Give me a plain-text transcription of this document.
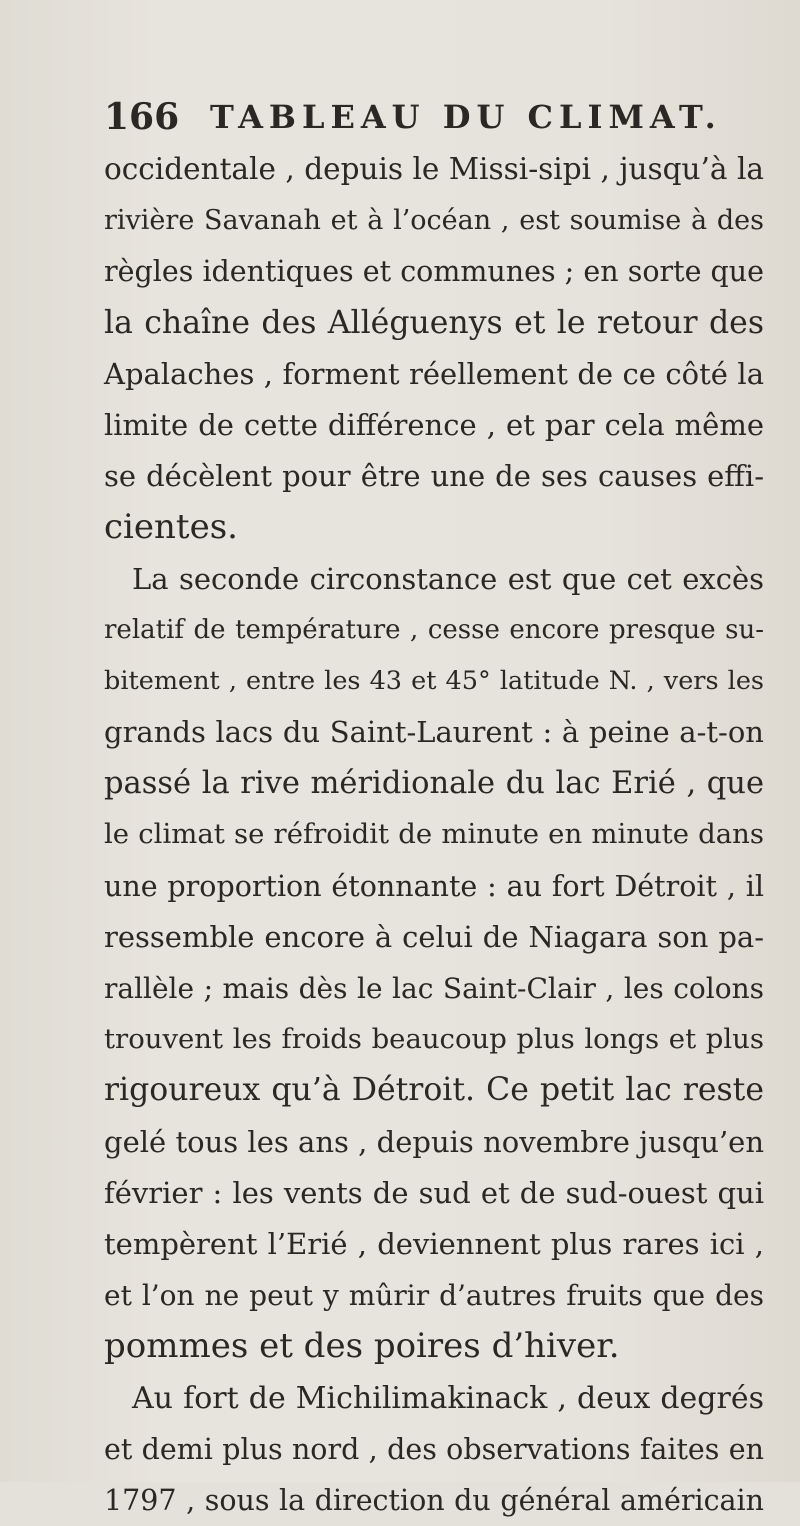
166 TABLEAU DU CLIMAT.
occidentale , depuis le Missi-sipi , jusqu’à la
rivière Savanah et à l’océan , est soumise à des
règles identiques et communes ; en sorte que
la chaîne des Alléguenys et le retour des
Apalaches , forment réellement de ce côté la
limite de cette différence , et par cela même
se décèlent pour être une de ses causes effi-
cientes.
La seconde circonstance est que cet excès
relatif de température , cesse encore presque su-
bitement , entre les 43 et 45° latitude N. , vers les
grands lacs du Saint-Laurent : à peine a-t-on
passé la rive méridionale du lac Erié , que
le climat se réfroidit de minute en minute dans
une proportion étonnante : au fort Détroit , il
ressemble encore à celui de Niagara son pa-
rallèle ; mais dès le lac Saint-Clair , les colons
trouvent les froids beaucoup plus longs et plus
rigoureux qu’à Détroit. Ce petit lac reste
gelé tous les ans , depuis novembre jusqu’en
février : les vents de sud et de sud-ouest qui
tempèrent l’Erié , deviennent plus rares ici ,
et l’on ne peut y mûrir d’autres fruits que des
pommes et des poires d’hiver.
Au fort de Michilimakinack , deux degrés
et demi plus nord , des observations faites en
1797 , sous la direction du général américain
